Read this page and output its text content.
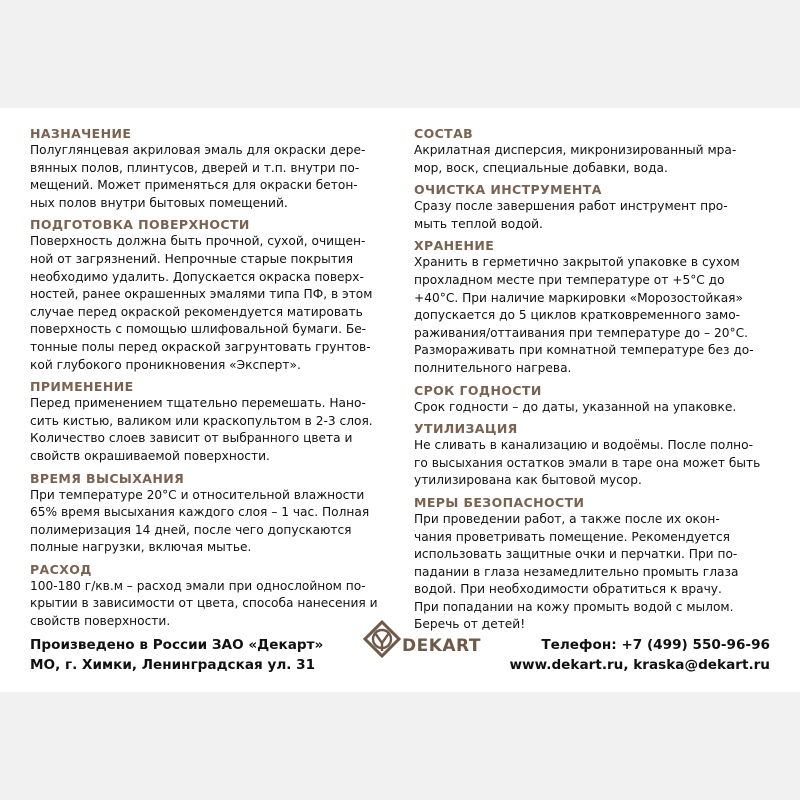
НАЗНАЧЕНИЕ
Полуглянцевая акриловая эмаль для окраски дере-
вянных полов, плинтусов, дверей и т.п. внутри по-
мещений. Может применяться для окраски бетон-
ных полов внутри бытовых помещений.
ПОДГОТОВКА ПОВЕРХНОСТИ
Поверхность должна быть прочной, сухой, очищен-
ной от загрязнений. Непрочные старые покрытия
необходимо удалить. Допускается окраска поверх-
ностей, ранее окрашенных эмалями типа ПФ, в этом
случае перед окраской рекомендуется матировать
поверхность с помощью шлифовальной бумаги. Бе-
тонные полы перед окраской загрунтовать грунтов-
кой глубокого проникновения «Эксперт».
ПРИМЕНЕНИЕ
Перед применением тщательно перемешать. Нано-
сить кистью, валиком или краскопультом в 2-3 слоя.
Количество слоев зависит от выбранного цвета и
свойств окрашиваемой поверхности.
ВРЕМЯ ВЫСЫХАНИЯ
При температуре 20°С и относительной влажности
65% время высыхания каждого слоя – 1 час. Полная
полимеризация 14 дней, после чего допускаются
полные нагрузки, включая мытье.
РАСХОД
100-180 г/кв.м – расход эмали при однослойном по-
крытии в зависимости от цвета, способа нанесения и
свойств поверхности.
СОСТАВ
Акрилатная дисперсия, микронизированный мра-
мор, воск, специальные добавки, вода.
ОЧИСТКА ИНСТРУМЕНТА
Сразу после завершения работ инструмент про-
мыть теплой водой.
ХРАНЕНИЕ
Хранить в герметично закрытой упаковке в сухом
прохладном месте при температуре от +5°С до
+40°С. При наличие маркировки «Морозостойкая»
допускается до 5 циклов кратковременного замо-
раживания/оттаивания при температуре до – 20°С.
Размораживать при комнатной температуре без до-
полнительного нагрева.
СРОК ГОДНОСТИ
Срок годности – до даты, указанной на упаковке.
УТИЛИЗАЦИЯ
Не сливать в канализацию и водоёмы. После полно-
го высыхания остатков эмали в таре она может быть
утилизирована как бытовой мусор.
МЕРЫ БЕЗОПАСНОСТИ
При проведении работ, а также после их окон-
чания проветривать помещение. Рекомендуется
использовать защитные очки и перчатки. При по-
падании в глаза незамедлительно промыть глаза
водой. При необходимости обратиться к врачу.
При попадании на кожу промыть водой с мылом.
Беречь от детей!
Произведено в России ЗАО «Декарт»
МО, г. Химки, Ленинградская ул. 31
DEKART	Телефон: +7 (499) 550-96-96
www.dekart.ru, kraska@dekart.ru
